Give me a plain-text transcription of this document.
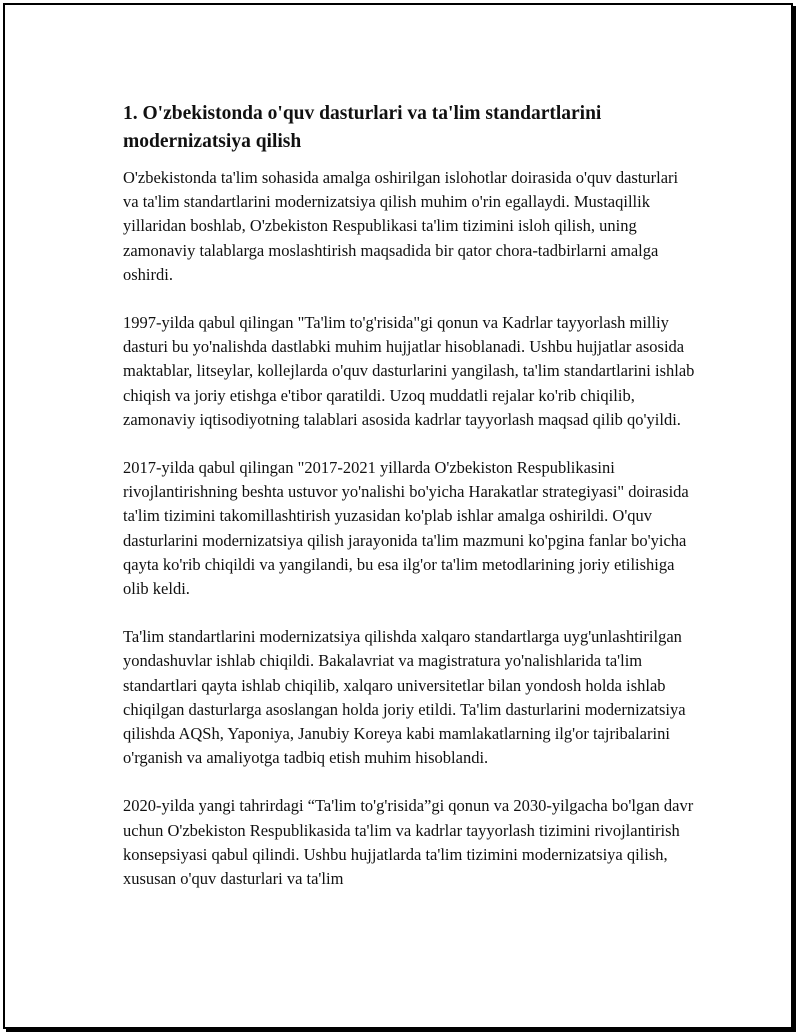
1. O'zbekistonda o'quv dasturlari va ta'lim standartlarini modernizatsiya qilish

O'zbekistonda ta'lim sohasida amalga oshirilgan islohotlar doirasida o'quv dasturlari va ta'lim standartlarini modernizatsiya qilish muhim o'rin egallaydi. Mustaqillik yillaridan boshlab, O'zbekiston Respublikasi ta'lim tizimini isloh qilish, uning zamonaviy talablarga moslashtirish maqsadida bir qator chora-tadbirlarni amalga oshirdi.

1997-yilda qabul qilingan "Ta'lim to'g'risida"gi qonun va Kadrlar tayyorlash milliy dasturi bu yo'nalishda dastlabki muhim hujjatlar hisoblanadi. Ushbu hujjatlar asosida maktablar, litseylar, kollejlarda o'quv dasturlarini yangilash, ta'lim standartlarini ishlab chiqish va joriy etishga e'tibor qaratildi. Uzoq muddatli rejalar ko'rib chiqilib, zamonaviy iqtisodiyotning talablari asosida kadrlar tayyorlash maqsad qilib qo'yildi.

2017-yilda qabul qilingan "2017-2021 yillarda O'zbekiston Respublikasini rivojlantirishning beshta ustuvor yo'nalishi bo'yicha Harakatlar strategiyasi" doirasida ta'lim tizimini takomillashtirish yuzasidan ko'plab ishlar amalga oshirildi. O'quv dasturlarini modernizatsiya qilish jarayonida ta'lim mazmuni ko'pgina fanlar bo'yicha qayta ko'rib chiqildi va yangilandi, bu esa ilg'or ta'lim metodlarining joriy etilishiga olib keldi.

Ta'lim standartlarini modernizatsiya qilishda xalqaro standartlarga uyg'unlashtirilgan yondashuvlar ishlab chiqildi. Bakalavriat va magistratura yo'nalishlarida ta'lim standartlari qayta ishlab chiqilib, xalqaro universitetlar bilan yondosh holda ishlab chiqilgan dasturlarga asoslangan holda joriy etildi. Ta'lim dasturlarini modernizatsiya qilishda AQSh, Yaponiya, Janubiy Koreya kabi mamlakatlarning ilg'or tajribalarini o'rganish va amaliyotga tadbiq etish muhim hisoblandi.

2020-yilda yangi tahrirdagi “Ta'lim to'g'risida”gi qonun va 2030-yilgacha bo'lgan davr uchun O'zbekiston Respublikasida ta'lim va kadrlar tayyorlash tizimini rivojlantirish konsepsiyasi qabul qilindi. Ushbu hujjatlarda ta'lim tizimini modernizatsiya qilish, xususan o'quv dasturlari va ta'lim
